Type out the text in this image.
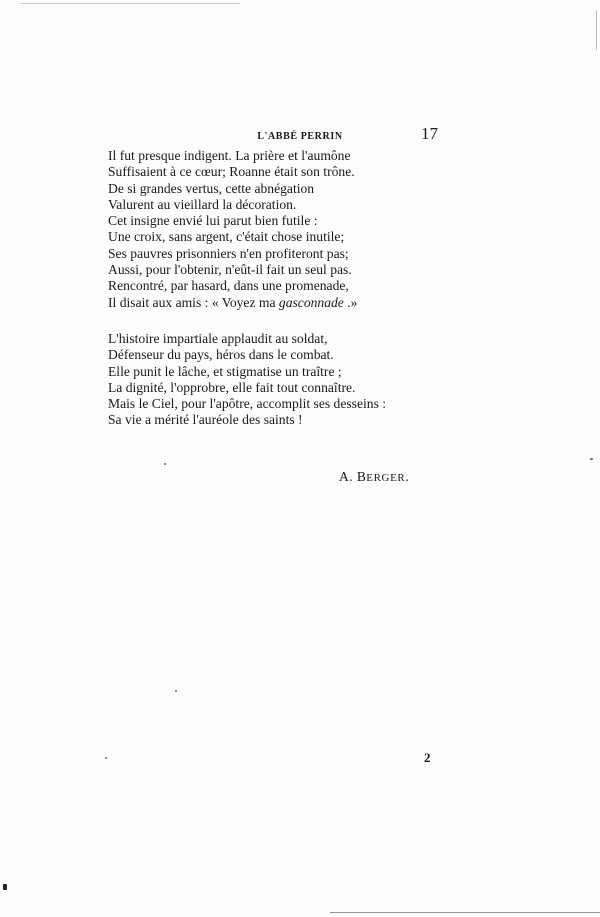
L'ABBÉ PERRIN	17
Il fut presque indigent. La prière et l'aumône
Suffisaient à ce cœur; Roanne était son trône.
De si grandes vertus, cette abnégation
Valurent au vieillard la décoration.
Cet insigne envié lui parut bien futile :
Une croix, sans argent, c'était chose inutile;
Ses pauvres prisonniers n'en profiteront pas;
Aussi, pour l'obtenir, n'eût-il fait un seul pas.
Rencontré, par hasard, dans une promenade,
Il disait aux amis : « Voyez ma gasconnade .»
L'histoire impartiale applaudit au soldat,
Défenseur du pays, héros dans le combat.
Elle punit le lâche, et stigmatise un traître ;
La dignité, l'opprobre, elle fait tout connaître.
Mais le Ciel, pour l'apôtre, accomplit ses desseins :
Sa vie a mérité l'auréole des saints !
A. BERGER.
2
